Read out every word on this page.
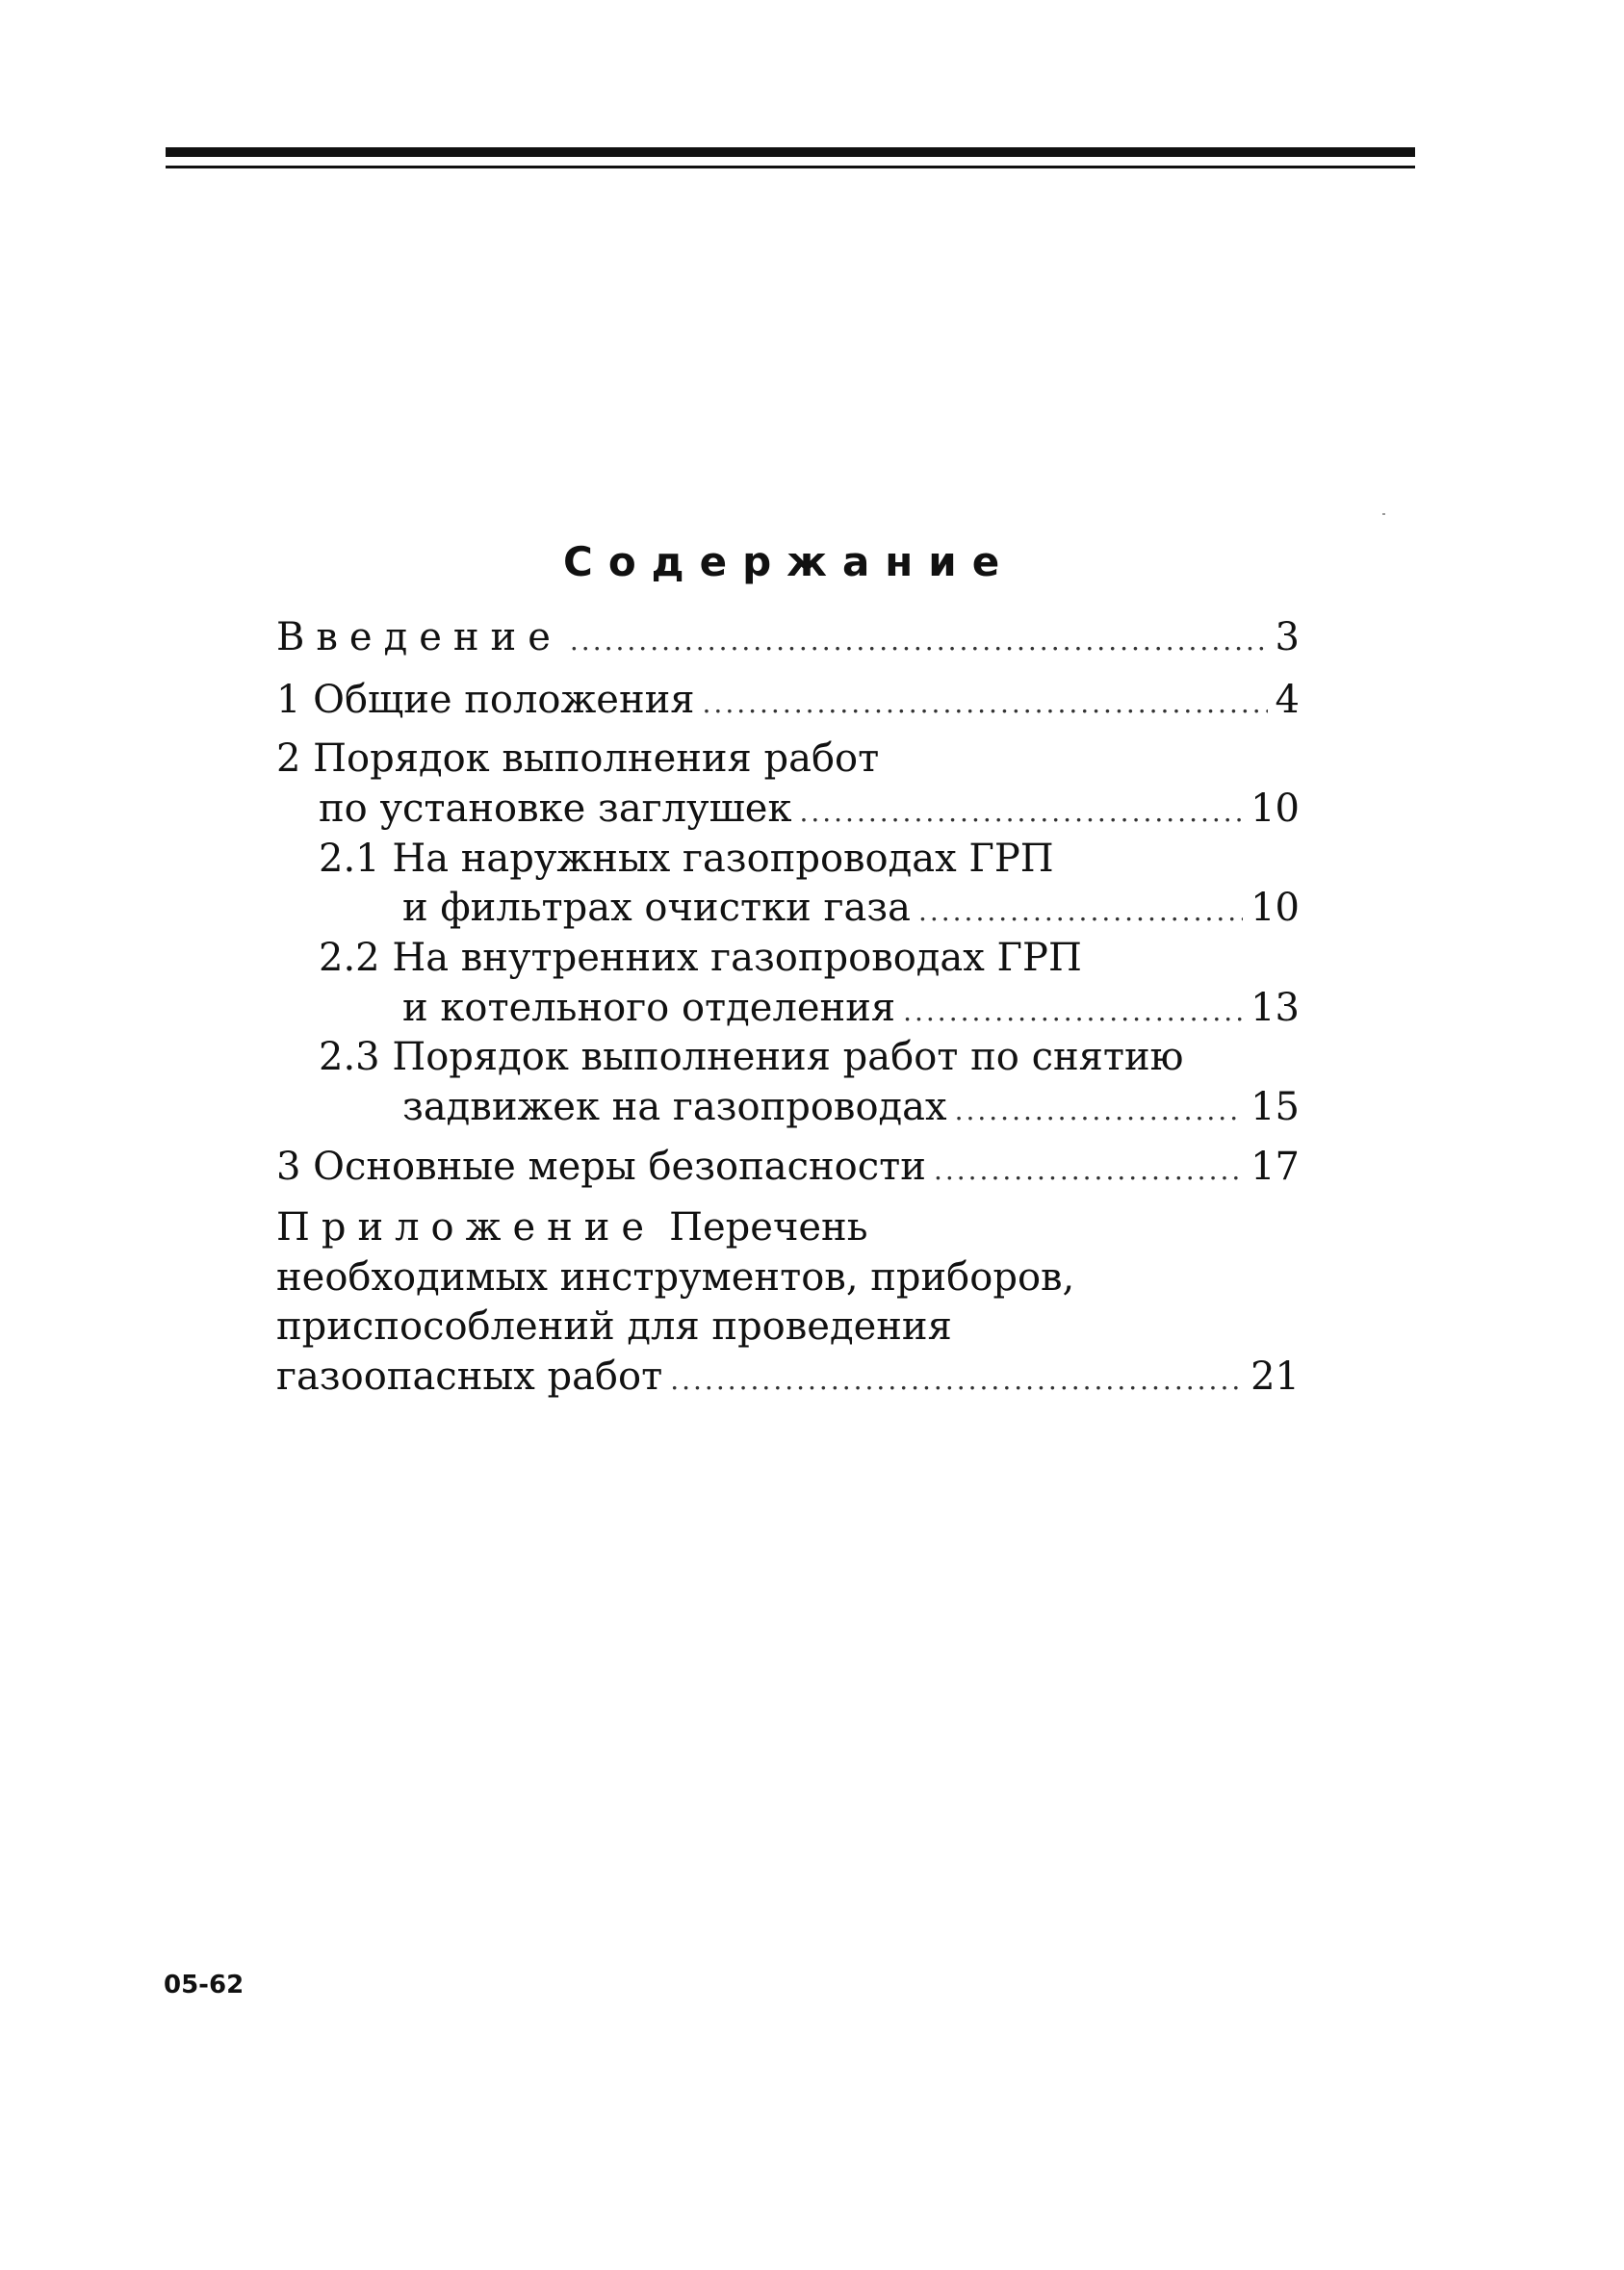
Содержание
Введение .....	3
1 Общие положения .....	4
2 Порядок выполнения работ
по установке заглушек .....	10
2.1 На наружных газопроводах ГРП
и фильтрах очистки газа .....	10
2.2 На внутренних газопроводах ГРП
и котельного отделения .....	13
2.3 Порядок выполнения работ по снятию
задвижек на газопроводах .....	15
3 Основные меры безопасности .....	17
Приложение Перечень
необходимых инструментов, приборов,
приспособлений для проведения
газоопасных работ .....	21

05-62
